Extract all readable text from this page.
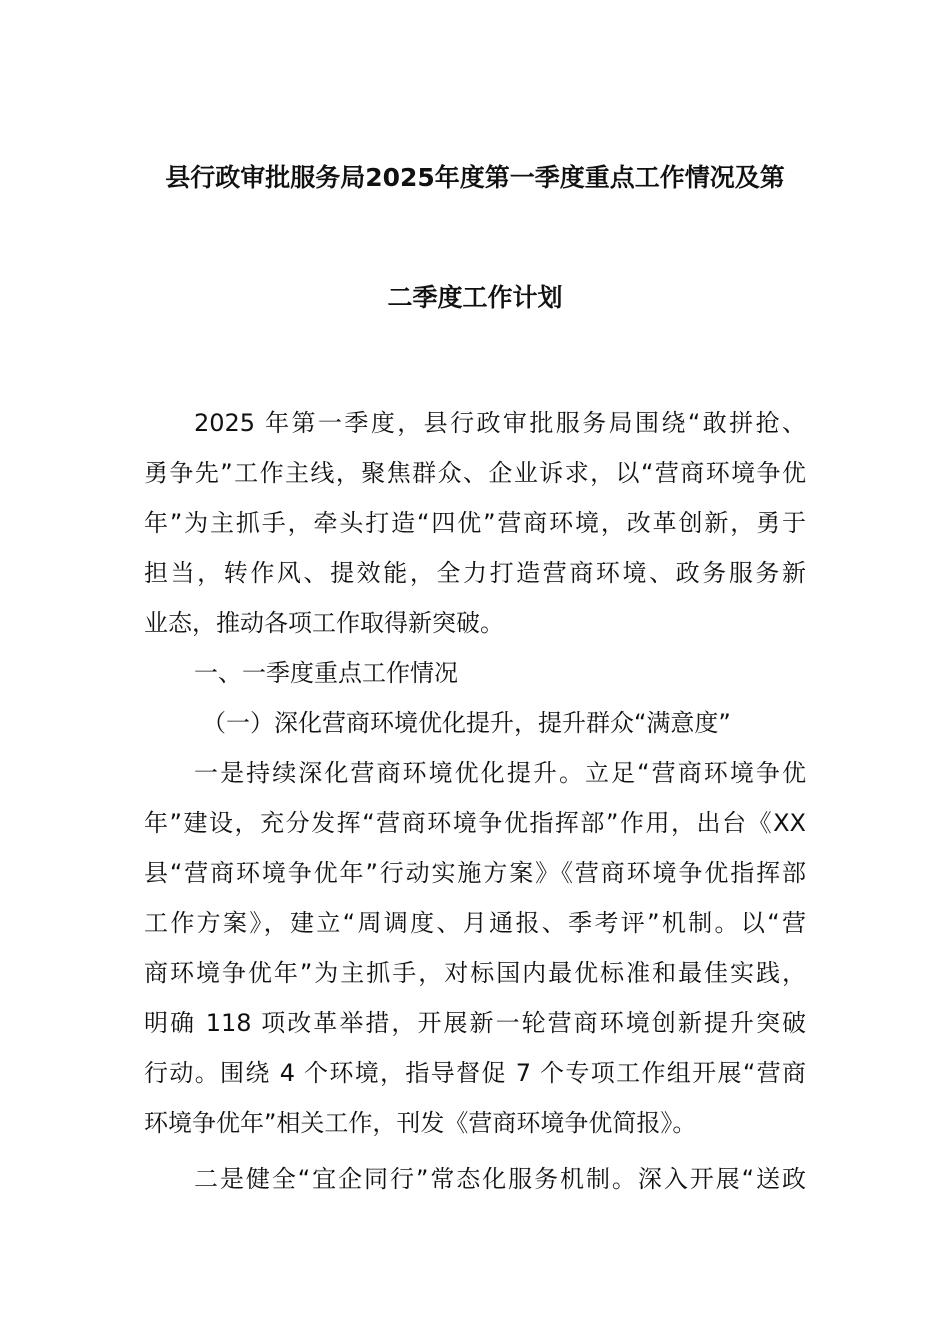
县行政审批服务局2025年度第一季度重点工作情况及第
二季度工作计划

2025 年第一季度，县行政审批服务局围绕“敢拼抢、

勇争先”工作主线，聚焦群众、企业诉求，以“营商环境争优

年”为主抓手，牵头打造“四优”营商环境，改革创新，勇于

担当，转作风、提效能，全力打造营商环境、政务服务新

业态，推动各项工作取得新突破。

一、一季度重点工作情况

（一）深化营商环境优化提升，提升群众“满意度”

一是持续深化营商环境优化提升。立足“营商环境争优

年”建设，充分发挥“营商环境争优指挥部”作用，出台《XX

县“营商环境争优年”行动实施方案》《营商环境争优指挥部

工作方案》，建立“周调度、月通报、季考评”机制。以“营

商环境争优年”为主抓手，对标国内最优标准和最佳实践，

明确 118 项改革举措，开展新一轮营商环境创新提升突破

行动。围绕 4 个环境，指导督促 7 个专项工作组开展“营商

环境争优年”相关工作，刊发《营商环境争优简报》。

二是健全“宜企同行”常态化服务机制。深入开展“送政
